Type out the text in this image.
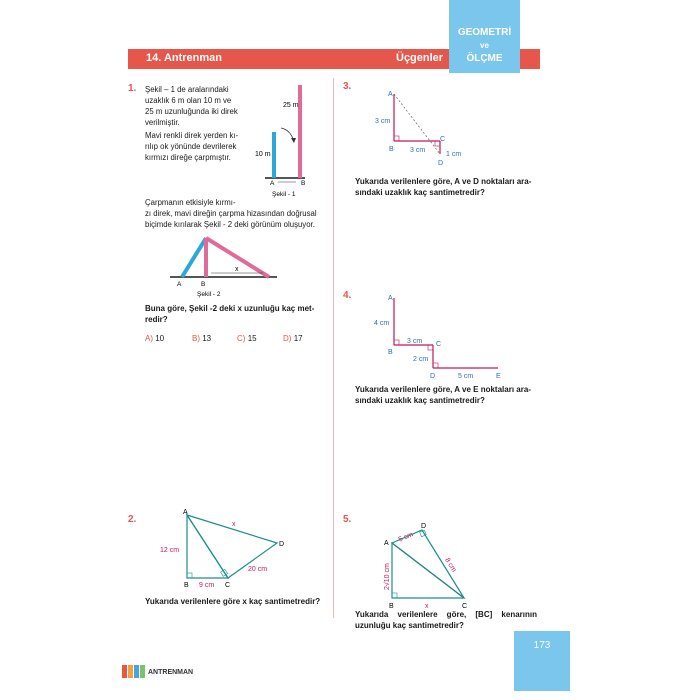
14. Antrenman	Üçgenler
GEOMETRİ
ve
ÖLÇME
1. Şekil – 1 de aralarındaki
uzaklık 6 m olan 10 m ve
25 m uzunluğunda iki direk
verilmiştir.
Mavi renkli direk yerden kı-
rılıp ok yönünde devrilerek
kırmızı direğe çarpmıştır.
25 m
10 m
A	B
Şekil - 1
Çarpmanın etkisiyle kırmı-
zı direk, mavi direğin çarpma hizasından doğrusal
biçimde kırılarak Şekil - 2 deki görünüm oluşuyor.
A	B
x
Şekil - 2
Buna göre, Şekil -2 deki x uzunluğu kaç met-
redir?
A) 10	B) 13	C) 15	D) 17
2.
A
B	C
D
12 cm
9 cm
20 cm
x
Yukarıda verilenlere göre x kaç santimetredir?
3.
A
B
C
D
3 cm
3 cm
1 cm
Yukarıda verilenlere göre, A ve D noktaları ara-
sındaki uzaklık kaç santimetredir?
4.	A
B
C
D	E
4 cm
3 cm
2 cm
5 cm
Yukarıda verilenlere göre, A ve E noktaları ara-
sındaki uzaklık kaç santimetredir?
5.
A
B	C
D
5 cm
8 cm
2√10 cm
x
Yukarıda verilenlere göre, [BC] kenarının
uzunluğu kaç santimetredir?
ANTRENMAN
173
